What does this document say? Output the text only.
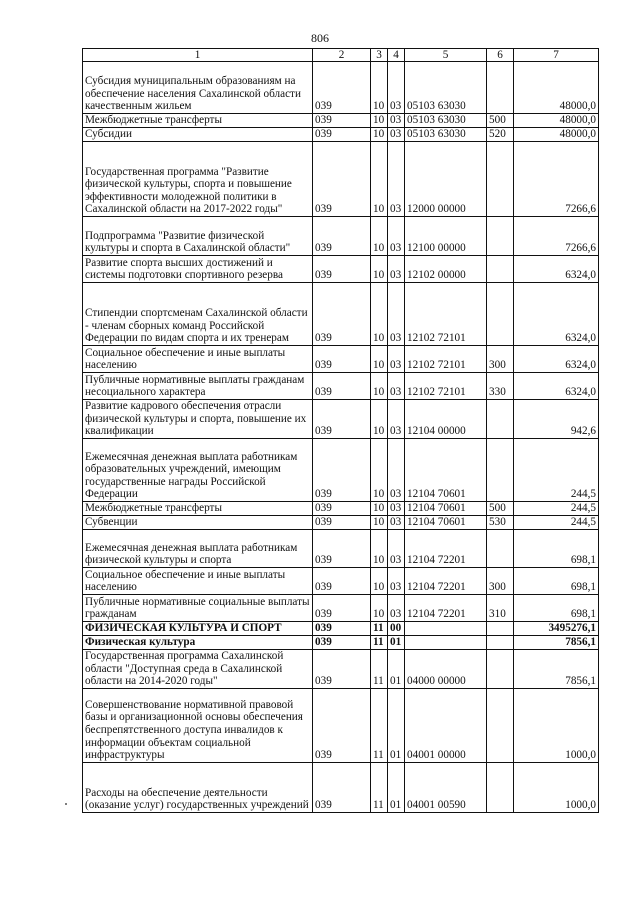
806
1	2	3	4	5	6	7
Субсидия муниципальным образованиям на обеспечение населения Сахалинской области качественным жильем	039	10	03	05103 63030		48000,0
Межбюджетные трансферты	039	10	03	05103 63030	500	48000,0
Субсидии	039	10	03	05103 63030	520	48000,0
Государственная программа "Развитие физической культуры, спорта и повышение эффективности молодежной политики в Сахалинской области на 2017-2022 годы"	039	10	03	12000 00000		7266,6
Подпрограмма "Развитие физической культуры и спорта в Сахалинской области"	039	10	03	12100 00000		7266,6
Развитие спорта высших достижений и системы подготовки спортивного резерва	039	10	03	12102 00000		6324,0
Стипендии спортсменам Сахалинской области - членам сборных команд Российской Федерации по видам спорта и их тренерам	039	10	03	12102 72101		6324,0
Социальное обеспечение и иные выплаты населению	039	10	03	12102 72101	300	6324,0
Публичные нормативные выплаты гражданам несоциального характера	039	10	03	12102 72101	330	6324,0
Развитие кадрового обеспечения отрасли физической культуры и спорта, повышение их квалификации	039	10	03	12104 00000		942,6
Ежемесячная денежная выплата работникам образовательных учреждений, имеющим государственные награды Российской Федерации	039	10	03	12104 70601		244,5
Межбюджетные трансферты	039	10	03	12104 70601	500	244,5
Субвенции	039	10	03	12104 70601	530	244,5
Ежемесячная денежная выплата работникам физической культуры и спорта	039	10	03	12104 72201		698,1
Социальное обеспечение и иные выплаты населению	039	10	03	12104 72201	300	698,1
Публичные нормативные социальные выплаты гражданам	039	10	03	12104 72201	310	698,1
ФИЗИЧЕСКАЯ КУЛЬТУРА И СПОРТ	039	11	00			3495276,1
Физическая культура	039	11	01			7856,1
Государственная программа Сахалинской области "Доступная среда в Сахалинской области на 2014-2020 годы"	039	11	01	04000 00000		7856,1
Совершенствование нормативной правовой базы и организационной основы обеспечения беспрепятственного доступа инвалидов к информации объектам социальной инфраструктуры	039	11	01	04001 00000		1000,0
Расходы на обеспечение деятельности (оказание услуг) государственных учреждений	039	11	01	04001 00590		1000,0
